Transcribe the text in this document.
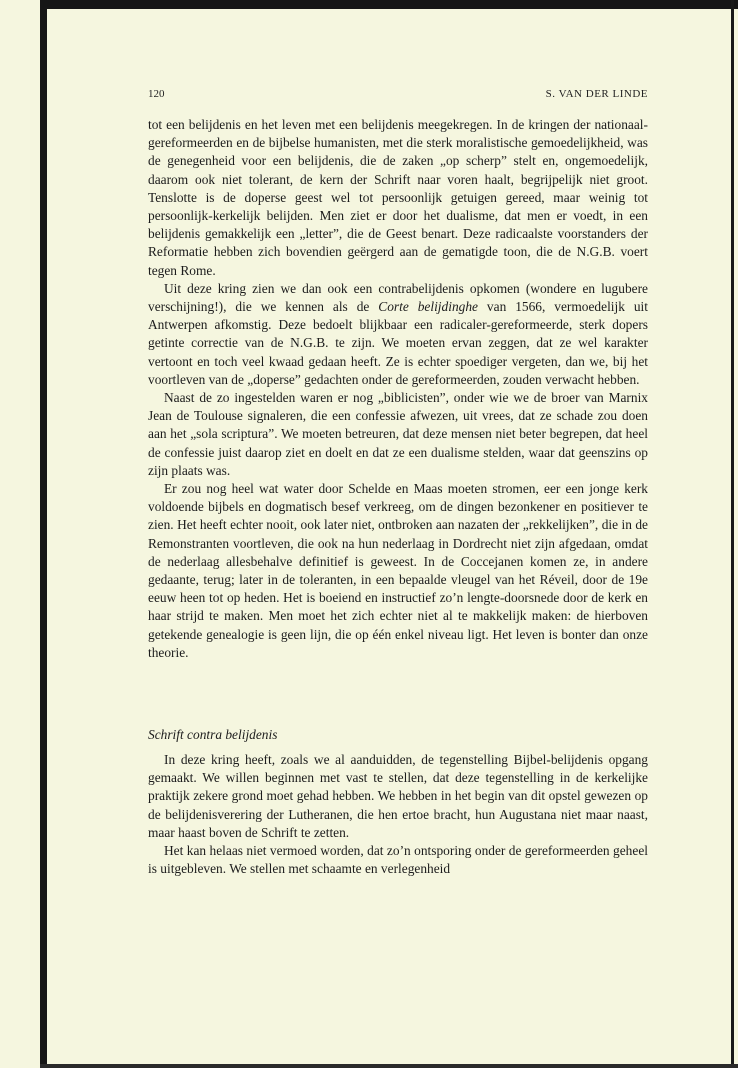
120	S. VAN DER LINDE

tot een belijdenis en het leven met een belijdenis meegekregen. In de kringen der nationaal-gereformeerden en de bijbelse humanisten, met die sterk moralistische gemoedelijkheid, was de genegenheid voor een belijdenis, die de zaken „op scherp” stelt en, ongemoedelijk, daarom ook niet tolerant, de kern der Schrift naar voren haalt, begrijpelijk niet groot. Tenslotte is de doperse geest wel tot persoonlijk getuigen gereed, maar weinig tot persoonlijk-kerkelijk belijden. Men ziet er door het dualisme, dat men er voedt, in een belijdenis gemakkelijk een „letter”, die de Geest benart. Deze radicaalste voorstanders der Reformatie hebben zich bovendien geërgerd aan de gematigde toon, die de N.G.B. voert tegen Rome.

Uit deze kring zien we dan ook een contrabelijdenis opkomen (wondere en lugubere verschijning!), die we kennen als de Corte belijdinghe van 1566, vermoedelijk uit Antwerpen afkomstig. Deze bedoelt blijkbaar een radicaler-gereformeerde, sterk dopers getinte correctie van de N.G.B. te zijn. We moeten ervan zeggen, dat ze wel karakter vertoont en toch veel kwaad gedaan heeft. Ze is echter spoediger vergeten, dan we, bij het voortleven van de „doperse” gedachten onder de gereformeerden, zouden verwacht hebben.

Naast de zo ingestelden waren er nog „biblicisten”, onder wie we de broer van Marnix Jean de Toulouse signaleren, die een confessie afwezen, uit vrees, dat ze schade zou doen aan het „sola scriptura”. We moeten betreuren, dat deze mensen niet beter begrepen, dat heel de confessie juist daarop ziet en doelt en dat ze een dualisme stelden, waar dat geenszins op zijn plaats was.

Er zou nog heel wat water door Schelde en Maas moeten stromen, eer een jonge kerk voldoende bijbels en dogmatisch besef verkreeg, om de dingen bezonkener en positiever te zien. Het heeft echter nooit, ook later niet, ontbroken aan nazaten der „rekkelijken”, die in de Remonstranten voortleven, die ook na hun nederlaag in Dordrecht niet zijn afgedaan, omdat de nederlaag allesbehalve definitief is geweest. In de Coccejanen komen ze, in andere gedaante, terug; later in de toleranten, in een bepaalde vleugel van het Réveil, door de 19e eeuw heen tot op heden. Het is boeiend en instructief zo’n lengte-doorsnede door de kerk en haar strijd te maken. Men moet het zich echter niet al te makkelijk maken: de hierboven getekende genealogie is geen lijn, die op één enkel niveau ligt. Het leven is bonter dan onze theorie.

Schrift contra belijdenis

In deze kring heeft, zoals we al aanduidden, de tegenstelling Bijbel-belijdenis opgang gemaakt. We willen beginnen met vast te stellen, dat deze tegenstelling in de kerkelijke praktijk zekere grond moet gehad hebben. We hebben in het begin van dit opstel gewezen op de belijdenisverering der Lutheranen, die hen ertoe bracht, hun Augustana niet maar naast, maar haast boven de Schrift te zetten.

Het kan helaas niet vermoed worden, dat zo’n ontsporing onder de gereformeerden geheel is uitgebleven. We stellen met schaamte en verlegenheid
